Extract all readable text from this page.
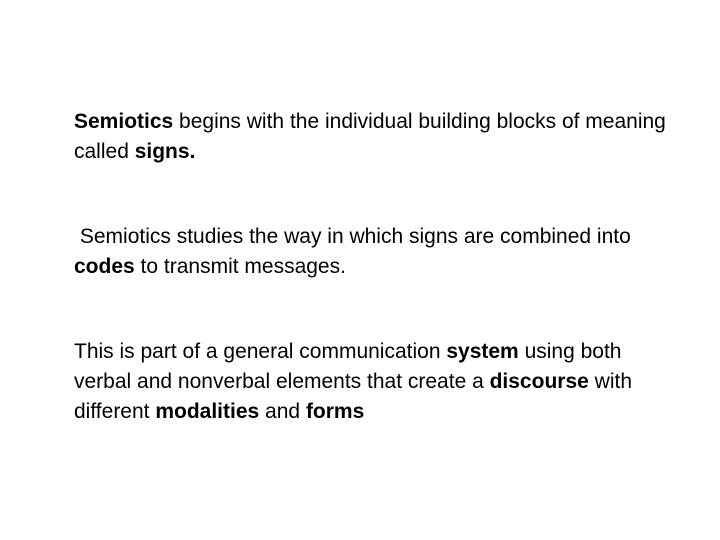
Semiotics begins with the individual building blocks of meaning called signs.

Semiotics studies the way in which signs are combined into codes to transmit messages.

This is part of a general communication system using both verbal and nonverbal elements that create a discourse with different modalities and forms
